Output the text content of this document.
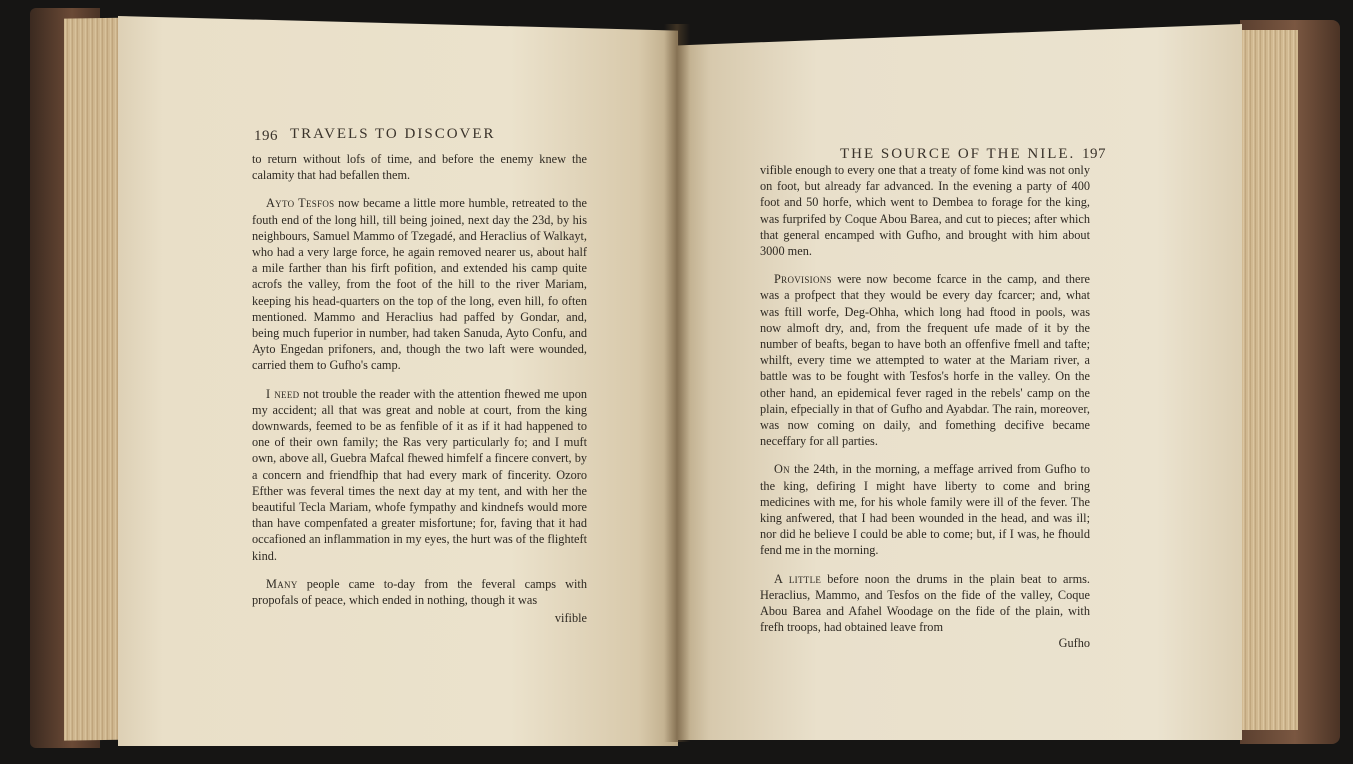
196 TRAVELS TO DISCOVER

to return without lofs of time, and before the enemy knew the calamity that had befallen them.

Ayto Tesfos now became a little more humble, retreated to the fouth end of the long hill, till being joined, next day the 23d, by his neighbours, Samuel Mammo of Tzegadé, and Heraclius of Walkayt, who had a very large force, he again removed nearer us, about half a mile farther than his firft pofition, and extended his camp quite acrofs the valley, from the foot of the hill to the river Mariam, keeping his head-quarters on the top of the long, even hill, fo often mentioned. Mammo and Heraclius had paffed by Gondar, and, being much fuperior in number, had taken Sanuda, Ayto Confu, and Ayto Engedan prifoners, and, though the two laft were wounded, carried them to Gufho's camp.

I need not trouble the reader with the attention fhewed me upon my accident; all that was great and noble at court, from the king downwards, feemed to be as fenfible of it as if it had happened to one of their own family; the Ras very particularly fo; and I muft own, above all, Guebra Mafcal fhewed himfelf a fincere convert, by a concern and friendfhip that had every mark of fincerity. Ozoro Efther was feveral times the next day at my tent, and with her the beautiful Tecla Mariam, whofe fympathy and kindnefs would more than have compenfated a greater misfortune; for, faving that it had occafioned an inflammation in my eyes, the hurt was of the flighteft kind.

Many people came to-day from the feveral camps with propofals of peace, which ended in nothing, though it was

vifible
THE SOURCE OF THE NILE. 197

vifible enough to every one that a treaty of fome kind was not only on foot, but already far advanced. In the evening a party of 400 foot and 50 horfe, which went to Dembea to forage for the king, was furprifed by Coque Abou Barea, and cut to pieces; after which that general encamped with Gufho, and brought with him about 3000 men.

Provisions were now become fcarce in the camp, and there was a profpect that they would be every day fcarcer; and, what was ftill worfe, Deg-Ohha, which long had ftood in pools, was now almoft dry, and, from the frequent ufe made of it by the number of beafts, began to have both an offenfive fmell and tafte; whilft, every time we attempted to water at the Mariam river, a battle was to be fought with Tesfos's horfe in the valley. On the other hand, an epidemical fever raged in the rebels' camp on the plain, efpecially in that of Gufho and Ayabdar. The rain, moreover, was now coming on daily, and fomething decifive became neceffary for all parties.

On the 24th, in the morning, a meffage arrived from Gufho to the king, defiring I might have liberty to come and bring medicines with me, for his whole family were ill of the fever. The king anfwered, that I had been wounded in the head, and was ill; nor did he believe I could be able to come; but, if I was, he fhould fend me in the morning.

A little before noon the drums in the plain beat to arms. Heraclius, Mammo, and Tesfos on the fide of the valley, Coque Abou Barea and Afahel Woodage on the fide of the plain, with frefh troops, had obtained leave from

Gufho
